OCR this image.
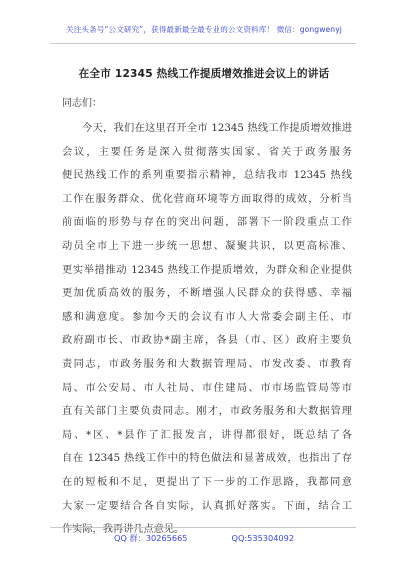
关注头条号“公文研究”，获得最新最全最专业的公文资料库！ 微信：gongwenyj
在全市 12345 热线工作提质增效推进会议上的讲话
同志们：
今天，我们在这里召开全市 12345 热线工作提质增效推进
会议，主要任务是深入贯彻落实国家、省关于政务服务
便民热线工作的系列重要指示精神，总结我市 12345 热线
工作在服务群众、优化营商环境等方面取得的成效，分析当
前面临的形势与存在的突出问题，部署下一阶段重点工作
动员全市上下进一步统一思想、凝聚共识，以更高标准、
更实举措推动 12345 热线工作提质增效，为群众和企业提供
更加优质高效的服务，不断增强人民群众的获得感、幸福
感和满意度。参加今天的会议有市人大常委会副主任、市
政府副市长、市政协*副主席，各县（市、区）政府主要负
责同志，市政务服务和大数据管理局、市发改委、市教育
局、市公安局、市人社局、市住建局、市市场监管局等市
直有关部门主要负责同志。刚才，市政务服务和大数据管理
局、*区、*县作了汇报发言，讲得都很好，既总结了各
自在 12345 热线工作中的特色做法和显著成效，也指出了存
在的短板和不足，更提出了下一步的工作思路，我都同意
大家一定要结合各自实际，认真抓好落实。下面，结合工
作实际，我再讲几点意见。
QQ 群：30265665	QQ:535304092
